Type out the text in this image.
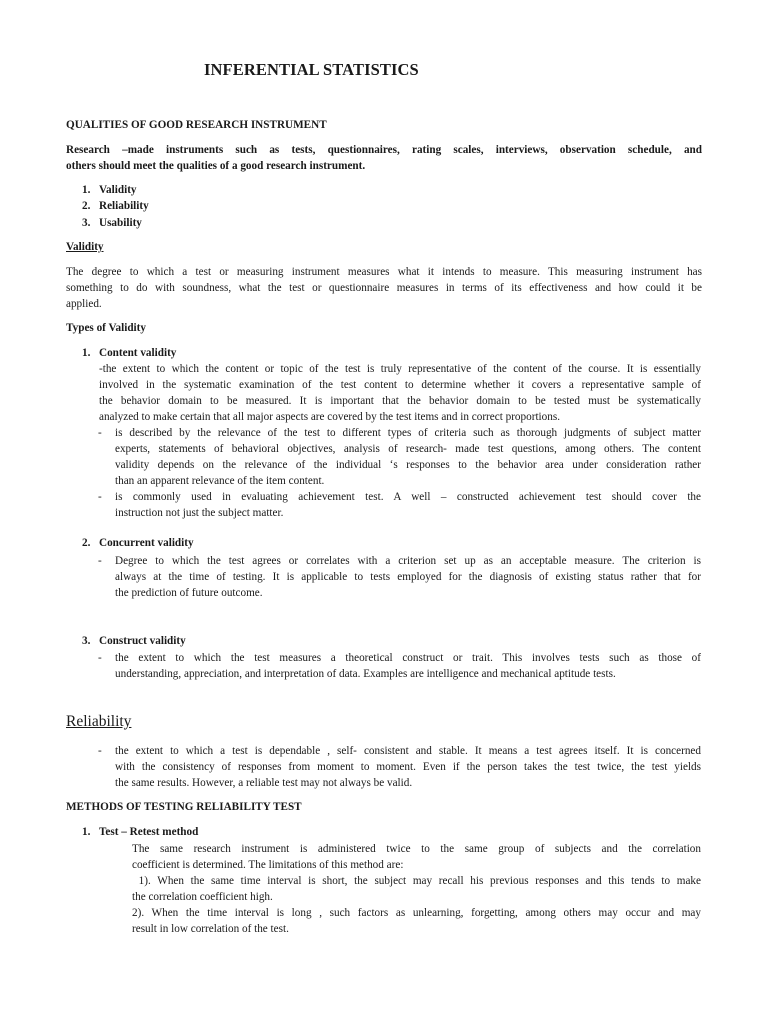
INFERENTIAL STATISTICS
QUALITIES OF GOOD RESEARCH INSTRUMENT
Research –made instruments such as tests, questionnaires, rating scales, interviews, observation schedule, and
others should meet the qualities of a good research instrument.
1. Validity
2. Reliability
3. Usability
Validity
The degree to which a test or measuring instrument measures what it intends to measure. This measuring instrument has
something to do with soundness, what the test or questionnaire measures in terms of its effectiveness and how could it be
applied.
Types of Validity
1. Content validity
-the extent to which the content or topic of the test is truly representative of the content of the course. It is essentially
involved in the systematic examination of the test content to determine whether it covers a representative sample of
the behavior domain to be measured. It is important that the behavior domain to be tested must be systematically
analyzed to make certain that all major aspects are covered by the test items and in correct proportions.
- is described by the relevance of the test to different types of criteria such as thorough judgments of subject matter
experts, statements of behavioral objectives, analysis of research- made test questions, among others. The content
validity depends on the relevance of the individual ‘s responses to the behavior area under consideration rather
than an apparent relevance of the item content.
- is commonly used in evaluating achievement test. A well – constructed achievement test should cover the
instruction not just the subject matter.
2. Concurrent validity
- Degree to which the test agrees or correlates with a criterion set up as an acceptable measure. The criterion is
always at the time of testing. It is applicable to tests employed for the diagnosis of existing status rather that for
the prediction of future outcome.
3. Construct validity
- the extent to which the test measures a theoretical construct or trait. This involves tests such as those of
understanding, appreciation, and interpretation of data. Examples are intelligence and mechanical aptitude tests.
Reliability
- the extent to which a test is dependable , self- consistent and stable. It means a test agrees itself. It is concerned
with the consistency of responses from moment to moment. Even if the person takes the test twice, the test yields
the same results. However, a reliable test may not always be valid.
METHODS OF TESTING RELIABILITY TEST
1. Test – Retest method
The same research instrument is administered twice to the same group of subjects and the correlation
coefficient is determined. The limitations of this method are:
1). When the same time interval is short, the subject may recall his previous responses and this tends to make
the correlation coefficient high.
2). When the time interval is long , such factors as unlearning, forgetting, among others may occur and may
result in low correlation of the test.
